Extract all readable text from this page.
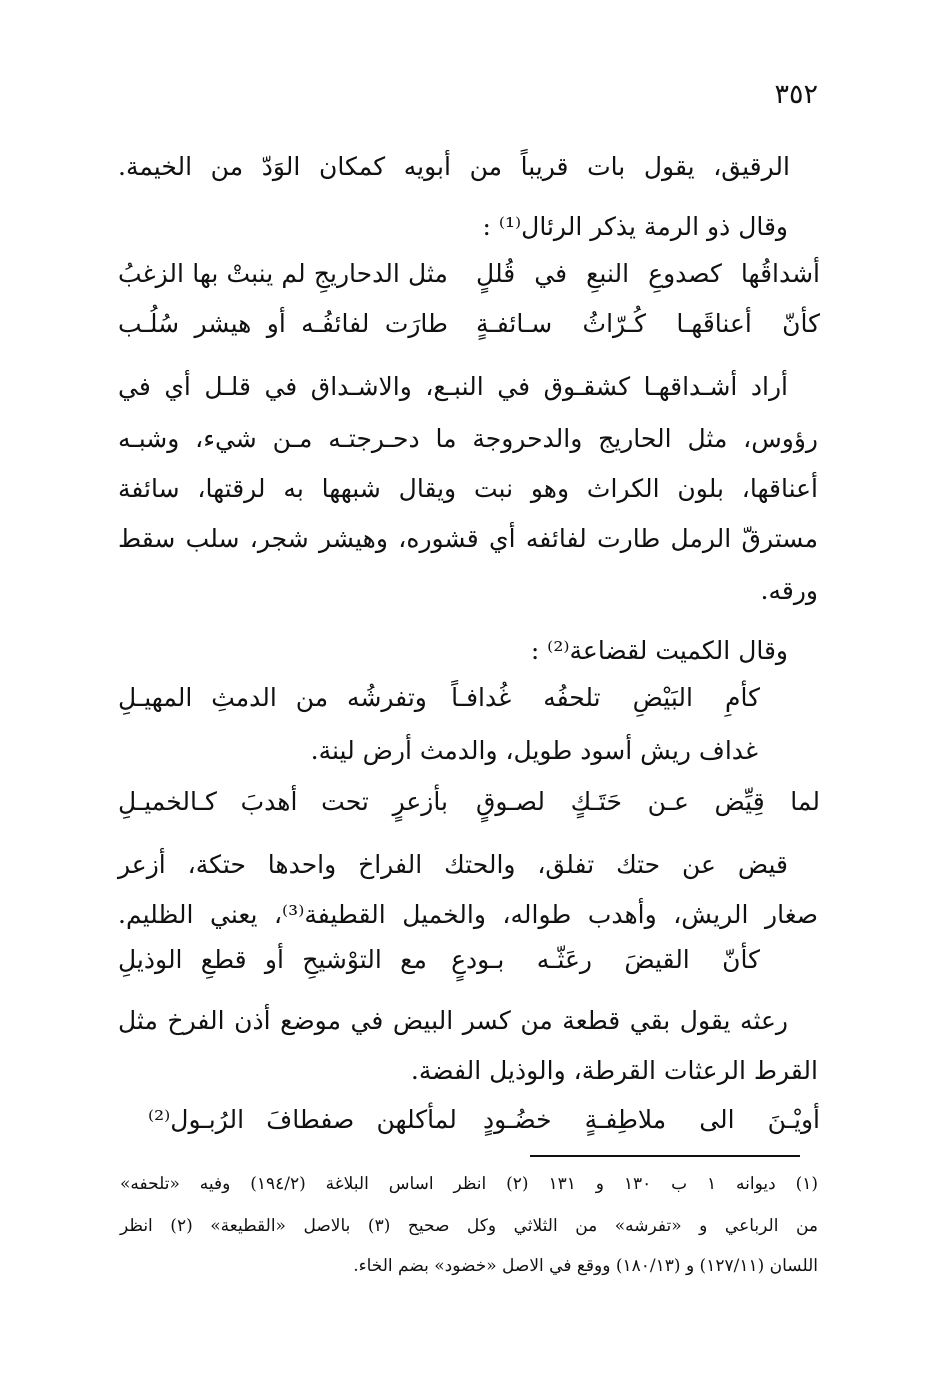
٣٥٢
الرقيق، يقول بات قريباً من أبويه كمكان الوَدّ من الخيمة.
وقال ذو الرمة يذكر الرئال⁽¹⁾ :
أشداقُها كصدوعِ النبعِ في قُللٍ
مثل الدحاريجِ لم ينبتْ بها الزغبُ
كأنّ أعناقَهـا كُـرّاثُ سـائفـةٍ
طارَت لفائفُـه أو هيشر سُلُـب
أراد أشـداقهـا كشقـوق في النبـع، والاشـداق في قلـل أي في
رؤوس، مثل الحاريج والدحروجة ما دحـرجتـه مـن شيء، وشبـه
أعناقها، بلون الكراث وهو نبت ويقال شبهها به لرقتها، سائفة
مسترقّ الرمل طارت لفائفه أي قشوره، وهيشر شجر، سلب سقط
ورقه.
وقال الكميت لقضاعة⁽²⁾ :
كأمِ البَيْضِ تلحفُه غُدافـاً
وتفرشُه من الدمثِ المهيـلِ
غداف ريش أسود طويل، والدمث أرض لينة.
لما قِيِّض عـن حَتَـكٍ لصـوقٍ
بأزعرٍ تحت أهدبَ كـالخميـلِ
قيض عن حتك تفلق، والحتك الفراخ واحدها حتكة، أزعر
صغار الريش، وأهدب طواله، والخميل القطيفة⁽³⁾، يعني الظليم.
كأنّ القيضَ رعَثّـه بـودعٍ
مع التوْشيحِ أو قطعِ الوذيلِ
رعثه يقول بقي قطعة من كسر البيض في موضع أذن الفرخ مثل
القرط الرعثات القرطة، والوذيل الفضة.
أويْـنَ الى ملاطِفـةٍ خضُـودٍ
لمأكلهن صفطافَ الرُبـول⁽²⁾
(١) ديوانه ١ ب ١٣٠ و ١٣١ (٢) انظر اساس البلاغة (١٩٤/٢) وفيه «تلحفه»
من الرباعي و «تفرشه» من الثلاثي وكل صحيح (٣) بالاصل «القطيعة» (٢) انظر
اللسان (١٢٧/١١) و (١٨٠/١٣) ووقع في الاصل «خضود» بضم الخاء.
